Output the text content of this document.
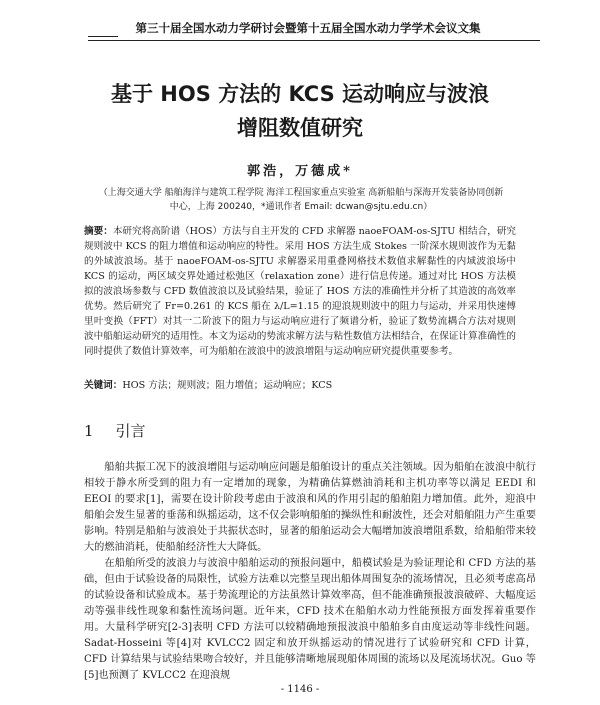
第三十届全国水动力学研讨会暨第十五届全国水动力学学术会议文集
基于 HOS 方法的 KCS 运动响应与波浪
增阻数值研究
郭浩，万德成*
（上海交通大学 船舶海洋与建筑工程学院 海洋工程国家重点实验室 高新船舶与深海开发装备协同创新中心，上海 200240，*通讯作者 Email: dcwan@sjtu.edu.cn）
摘要：本研究将高阶谱（HOS）方法与自主开发的 CFD 求解器 naoeFOAM-os-SJTU 相结合，研究规则波中 KCS 的阻力增值和运动响应的特性。采用 HOS 方法生成 Stokes 一阶深水规则波作为无黏的外域波浪场。基于 naoeFOAM-os-SJTU 求解器采用重叠网格技术数值求解黏性的内域波浪场中 KCS 的运动，两区域交界处通过松弛区（relaxation zone）进行信息传递。通过对比 HOS 方法模拟的波浪场参数与 CFD 数值波浪以及试验结果，验证了 HOS 方法的准确性并分析了其造波的高效率优势。然后研究了 Fr=0.261 的 KCS 船在 λ/L=1.15 的迎浪规则波中的阻力与运动，并采用快速傅里叶变换（FFT）对其一二阶波下的阻力与运动响应进行了频谱分析，验证了数势流耦合方法对规则波中船舶运动研究的适用性。本文为运动的势流求解方法与粘性数值方法相结合，在保证计算准确性的同时提供了数值计算效率，可为船舶在波浪中的波浪增阻与运动响应研究提供重要参考。
关键词：HOS 方法；规则波；阻力增值；运动响应；KCS
1 引言

船舶共振工况下的波浪增阻与运动响应问题是船舶设计的重点关注领域。因为船舶在波浪中航行相较于静水所受到的阻力有一定增加的现象，为精确估算燃油消耗和主机功率等以满足 EEDI 和 EEOI 的要求[1]，需要在设计阶段考虑由于波浪和风的作用引起的船舶阻力增加值。此外，迎浪中船舶会发生显著的垂荡和纵摇运动，这不仅会影响船舶的操纵性和耐波性，还会对船舶阻力产生重要影响。特别是船舶与波浪处于共振状态时，显著的船舶运动会大幅增加波浪增阻系数，给船舶带来较大的燃油消耗，使船舶经济性大大降低。

在船舶所受的波浪力与波浪中船舶运动的预报问题中，船模试验是为验证理论和 CFD 方法的基础，但由于试验设备的局限性，试验方法难以完整呈现出船体周围复杂的流场情况，且必须考虑高昂的试验设备和试验成本。基于势流理论的方法虽然计算效率高，但不能准确预报波浪破碎、大幅度运动等强非线性现象和黏性流场问题。近年来，CFD 技术在船舶水动力性能预报方面发挥着重要作用。大量科学研究[2-3]表明 CFD 方法可以较精确地预报波浪中船舶多自由度运动等非线性问题。Sadat-Hosseini 等[4]对 KVLCC2 固定和放开纵摇运动的情况进行了试验研究和 CFD 计算，CFD 计算结果与试验结果吻合较好，并且能够清晰地展现船体周围的流场以及尾流场状况。Guo 等[5]也预测了 KVLCC2 在迎浪规

- 1146 -
